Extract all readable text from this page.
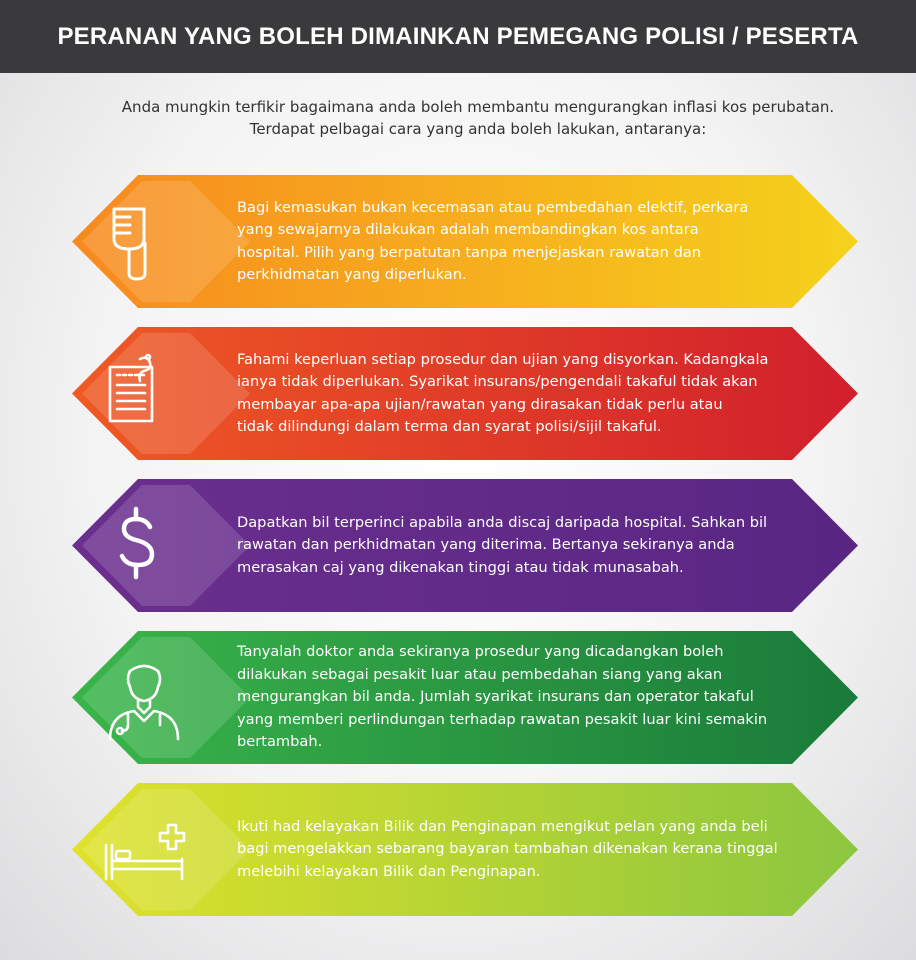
PERANAN YANG BOLEH DIMAINKAN PEMEGANG POLISI / PESERTA
Anda mungkin terfikir bagaimana anda boleh membantu mengurangkan inflasi kos perubatan.
Terdapat pelbagai cara yang anda boleh lakukan, antaranya:
Bagi kemasukan bukan kecemasan atau pembedahan elektif, perkara
yang sewajarnya dilakukan adalah membandingkan kos antara
hospital. Pilih yang berpatutan tanpa menjejaskan rawatan dan
perkhidmatan yang diperlukan.
Fahami keperluan setiap prosedur dan ujian yang disyorkan. Kadangkala
ianya tidak diperlukan. Syarikat insurans/pengendali takaful tidak akan
membayar apa-apa ujian/rawatan yang dirasakan tidak perlu atau
tidak dilindungi dalam terma dan syarat polisi/sijil takaful.
Dapatkan bil terperinci apabila anda discaj daripada hospital. Sahkan bil
rawatan dan perkhidmatan yang diterima. Bertanya sekiranya anda
merasakan caj yang dikenakan tinggi atau tidak munasabah.
Tanyalah doktor anda sekiranya prosedur yang dicadangkan boleh
dilakukan sebagai pesakit luar atau pembedahan siang yang akan
mengurangkan bil anda. Jumlah syarikat insurans dan operator takaful
yang memberi perlindungan terhadap rawatan pesakit luar kini semakin
bertambah.
Ikuti had kelayakan Bilik dan Penginapan mengikut pelan yang anda beli
bagi mengelakkan sebarang bayaran tambahan dikenakan kerana tinggal
melebihi kelayakan Bilik dan Penginapan.
